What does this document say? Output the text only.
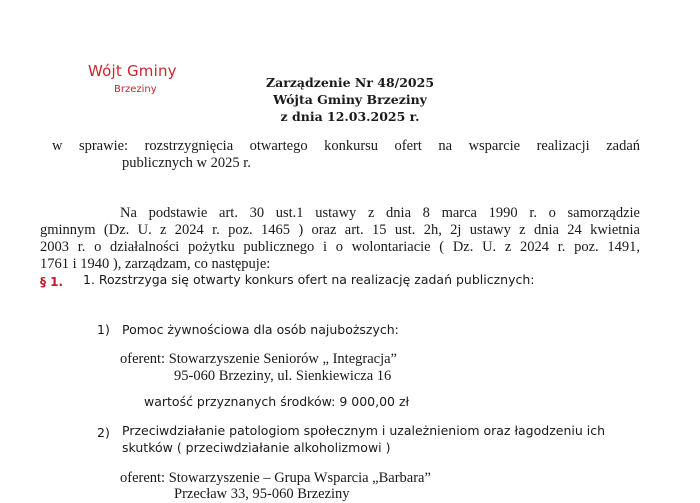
Wójt Gminy
Brzeziny	Zarządzenie Nr 48/2025
Wójta Gminy Brzeziny
z dnia 12.03.2025 r.
w sprawie: rozstrzygnięcia otwartego konkursu ofert na wsparcie realizacji zadań
publicznych w 2025 r.
Na podstawie art. 30 ust.1 ustawy z dnia 8 marca 1990 r. o samorządzie
gminnym (Dz. U. z 2024 r. poz. 1465 ) oraz art. 15 ust. 2h, 2j ustawy z dnia 24 kwietnia
2003 r. o działalności pożytku publicznego i o wolontariacie ( Dz. U. z 2024 r. poz. 1491,
1761 i 1940 ), zarządzam, co następuje:
§ 1. 1. Rozstrzyga się otwarty konkurs ofert na realizację zadań publicznych:
1) Pomoc żywnościowa dla osób najuboższych:
oferent: Stowarzyszenie Seniorów „ Integracja”
95-060 Brzeziny, ul. Sienkiewicza 16
wartość przyznanych środków: 9 000,00 zł
2) Przeciwdziałanie patologiom społecznym i uzależnieniom oraz łagodzeniu ich
skutków ( przeciwdziałanie alkoholizmowi )
oferent: Stowarzyszenie – Grupa Wsparcia „Barbara”
Przecław 33, 95-060 Brzeziny
